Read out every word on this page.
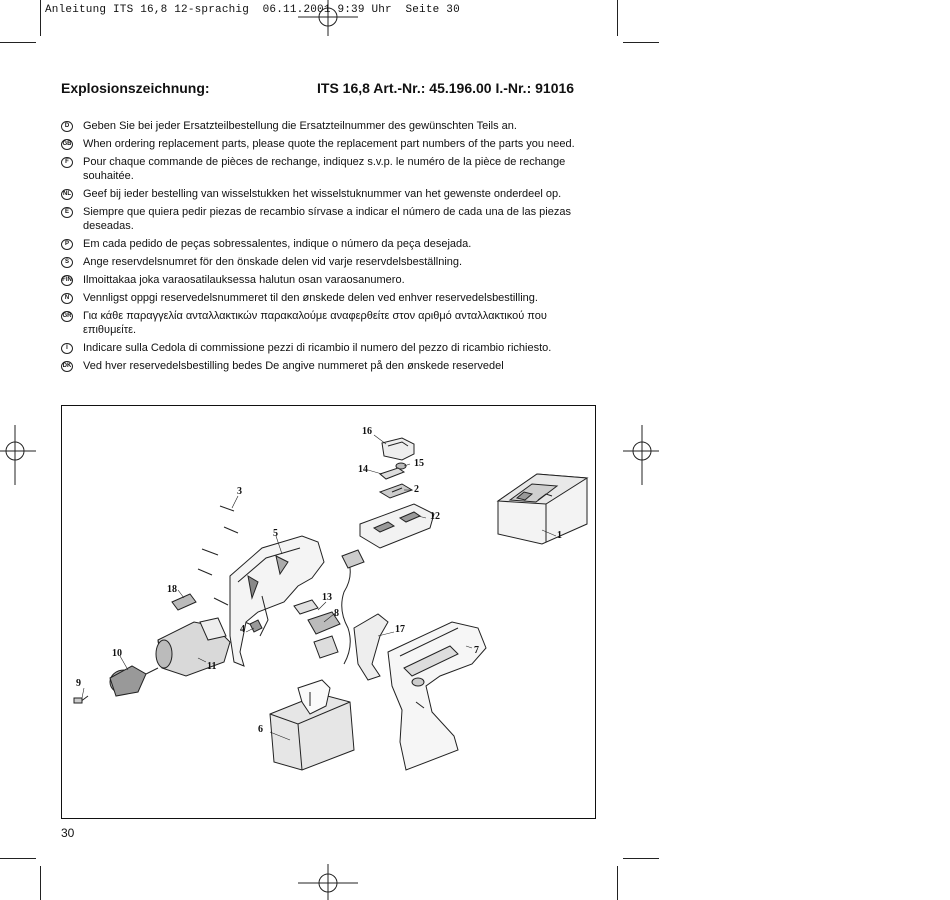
Anleitung ITS 16,8 12-sprachig  06.11.2001 9:39 Uhr  Seite 30
Explosionszeichnung:	ITS 16,8 Art.-Nr.: 45.196.00 I.-Nr.: 91016
D	Geben Sie bei jeder Ersatzteilbestellung die Ersatzteilnummer des gewünschten Teils an.
GB When ordering replacement parts, please quote the replacement part numbers of the parts you need.
F	Pour chaque commande de pièces de rechange, indiquez s.v.p. le numéro de la pièce de rechange souhaitée.
NL Geef bij ieder bestelling van wisselstukken het wisselstuknummer van het gewenste onderdeel op.
E	Siempre que quiera pedir piezas de recambio sírvase a indicar el número de cada una de las piezas deseadas.
P	Em cada pedido de peças sobressalentes, indique o número da peça desejada.
S	Ange reservdelsnumret för den önskade delen vid varje reservdelsbeställning.
FIN Ilmoittakaa joka varaosatilauksessa halutun osan varaosanumero.
N	Vennligst oppgi reservedelsnummeret til den ønskede delen ved enhver reservedelsbestilling.
GR Για κάθε παραγγελία ανταλλακτικών παρακαλούμε αναφερθείτε στον αριθμό ανταλλακτικού που επιθυμείτε.
I	Indicare sulla Cedola di commissione pezzi di ricambio il numero del pezzo di ricambio richiesto.
DK Ved hver reservedelsbestilling bedes De angive nummeret på den ønskede reservedel
16
15
14
2
3
12
1
5
13
18
8
17
4
7
10
11
9
6
30
